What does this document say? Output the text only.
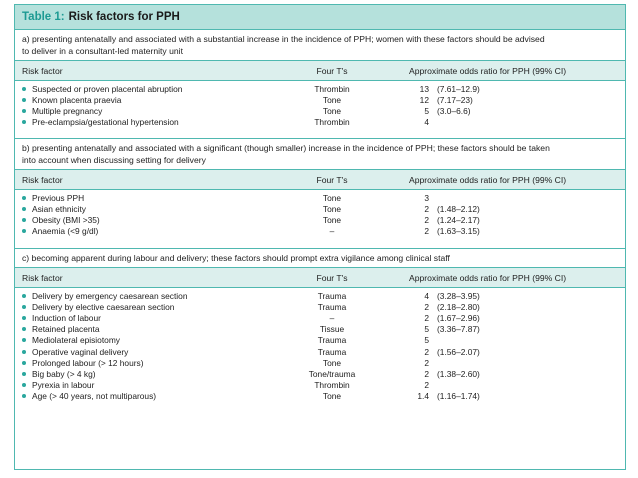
Table 1: Risk factors for PPH
a) presenting antenatally and associated with a substantial increase in the incidence of PPH; women with these factors should be advised
to deliver in a consultant-led maternity unit
Risk factor	Four T's	Approximate odds ratio for PPH (99% CI)
Suspected or proven placental abruption	Thrombin	13 (7.61–12.9)
Known placenta praevia	Tone	12 (7.17–23)
Multiple pregnancy	Tone	5 (3.0–6.6)
Pre-eclampsia/gestational hypertension	Thrombin	4
b) presenting antenatally and associated with a significant (though smaller) increase in the incidence of PPH; these factors should be taken
into account when discussing setting for delivery
Risk factor	Four T's	Approximate odds ratio for PPH (99% CI)
Previous PPH	Tone	3
Asian ethnicity	Tone	2 (1.48–2.12)
Obesity (BMI >35)	Tone	2 (1.24–2.17)
Anaemia (<9 g/dl)	–	2 (1.63–3.15)
c) becoming apparent during labour and delivery; these factors should prompt extra vigilance among clinical staff
Risk factor	Four T's	Approximate odds ratio for PPH (99% CI)
Delivery by emergency caesarean section	Trauma	4 (3.28–3.95)
Delivery by elective caesarean section	Trauma	2 (2.18–2.80)
Induction of labour	–	2 (1.67–2.96)
Retained placenta	Tissue	5 (3.36–7.87)
Mediolateral episiotomy	Trauma	5
Operative vaginal delivery	Trauma	2 (1.56–2.07)
Prolonged labour (> 12 hours)	Tone	2
Big baby (> 4 kg)	Tone/trauma	2 (1.38–2.60)
Pyrexia in labour	Thrombin	2
Age (> 40 years, not multiparous)	Tone	1.4 (1.16–1.74)
